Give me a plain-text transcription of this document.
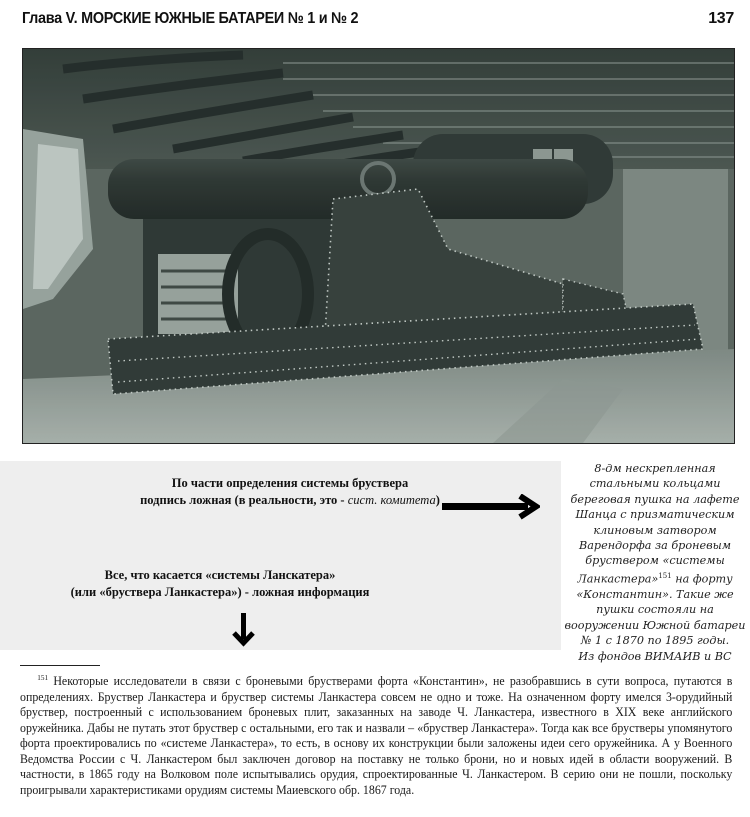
Глава V. МОРСКИЕ ЮЖНЫЕ БАТАРЕИ № 1 и № 2	137
По части определения системы бруствера
подпись ложная (в реальности, это - сист. комитета)
Все, что касается «системы Ланскатера»
(или «бруствера Ланкастера») - ложная информация
8-дм нескрепленная стальными кольцами береговая пушка на лафете Шанца с призматическим клиновым затвором Варендорфа за броневым бруствером «системы Ланкастера»$^{151}$ на форту «Константин». Такие же пушки состояли на вооружении Южной батареи № 1 с 1870 по 1895 годы.
Из фондов ВИМАИВ и ВС
$^{151}$ Некоторые исследователи в связи с броневыми брустверами форта «Константин», не разобравшись в сути вопроса, путаются в определениях. Бруствер Ланкастера и бруствер системы Ланкастера совсем не одно и тоже. На означенном форту имелся 3-орудийный бруствер, построенный с использованием броневых плит, заказанных на заводе Ч. Ланкастера, известного в XIX веке английского оружейника. Дабы не путать этот бруствер с остальными, его так и назвали – «бруствер Ланкастера». Тогда как все брустверы упомянутого форта проектировались по «системе Ланкастера», то есть, в основу их конструкции были заложены идеи сего оружейника. А у Военного Ведомства России с Ч. Ланкастером был заключен договор на поставку не только брони, но и новых идей в области вооружений. В частности, в 1865 году на Волковом поле испытывались орудия, спроектированные Ч. Ланкастером. В серию они не пошли, поскольку проигрывали характеристиками орудиям системы Маиевского обр. 1867 года.
